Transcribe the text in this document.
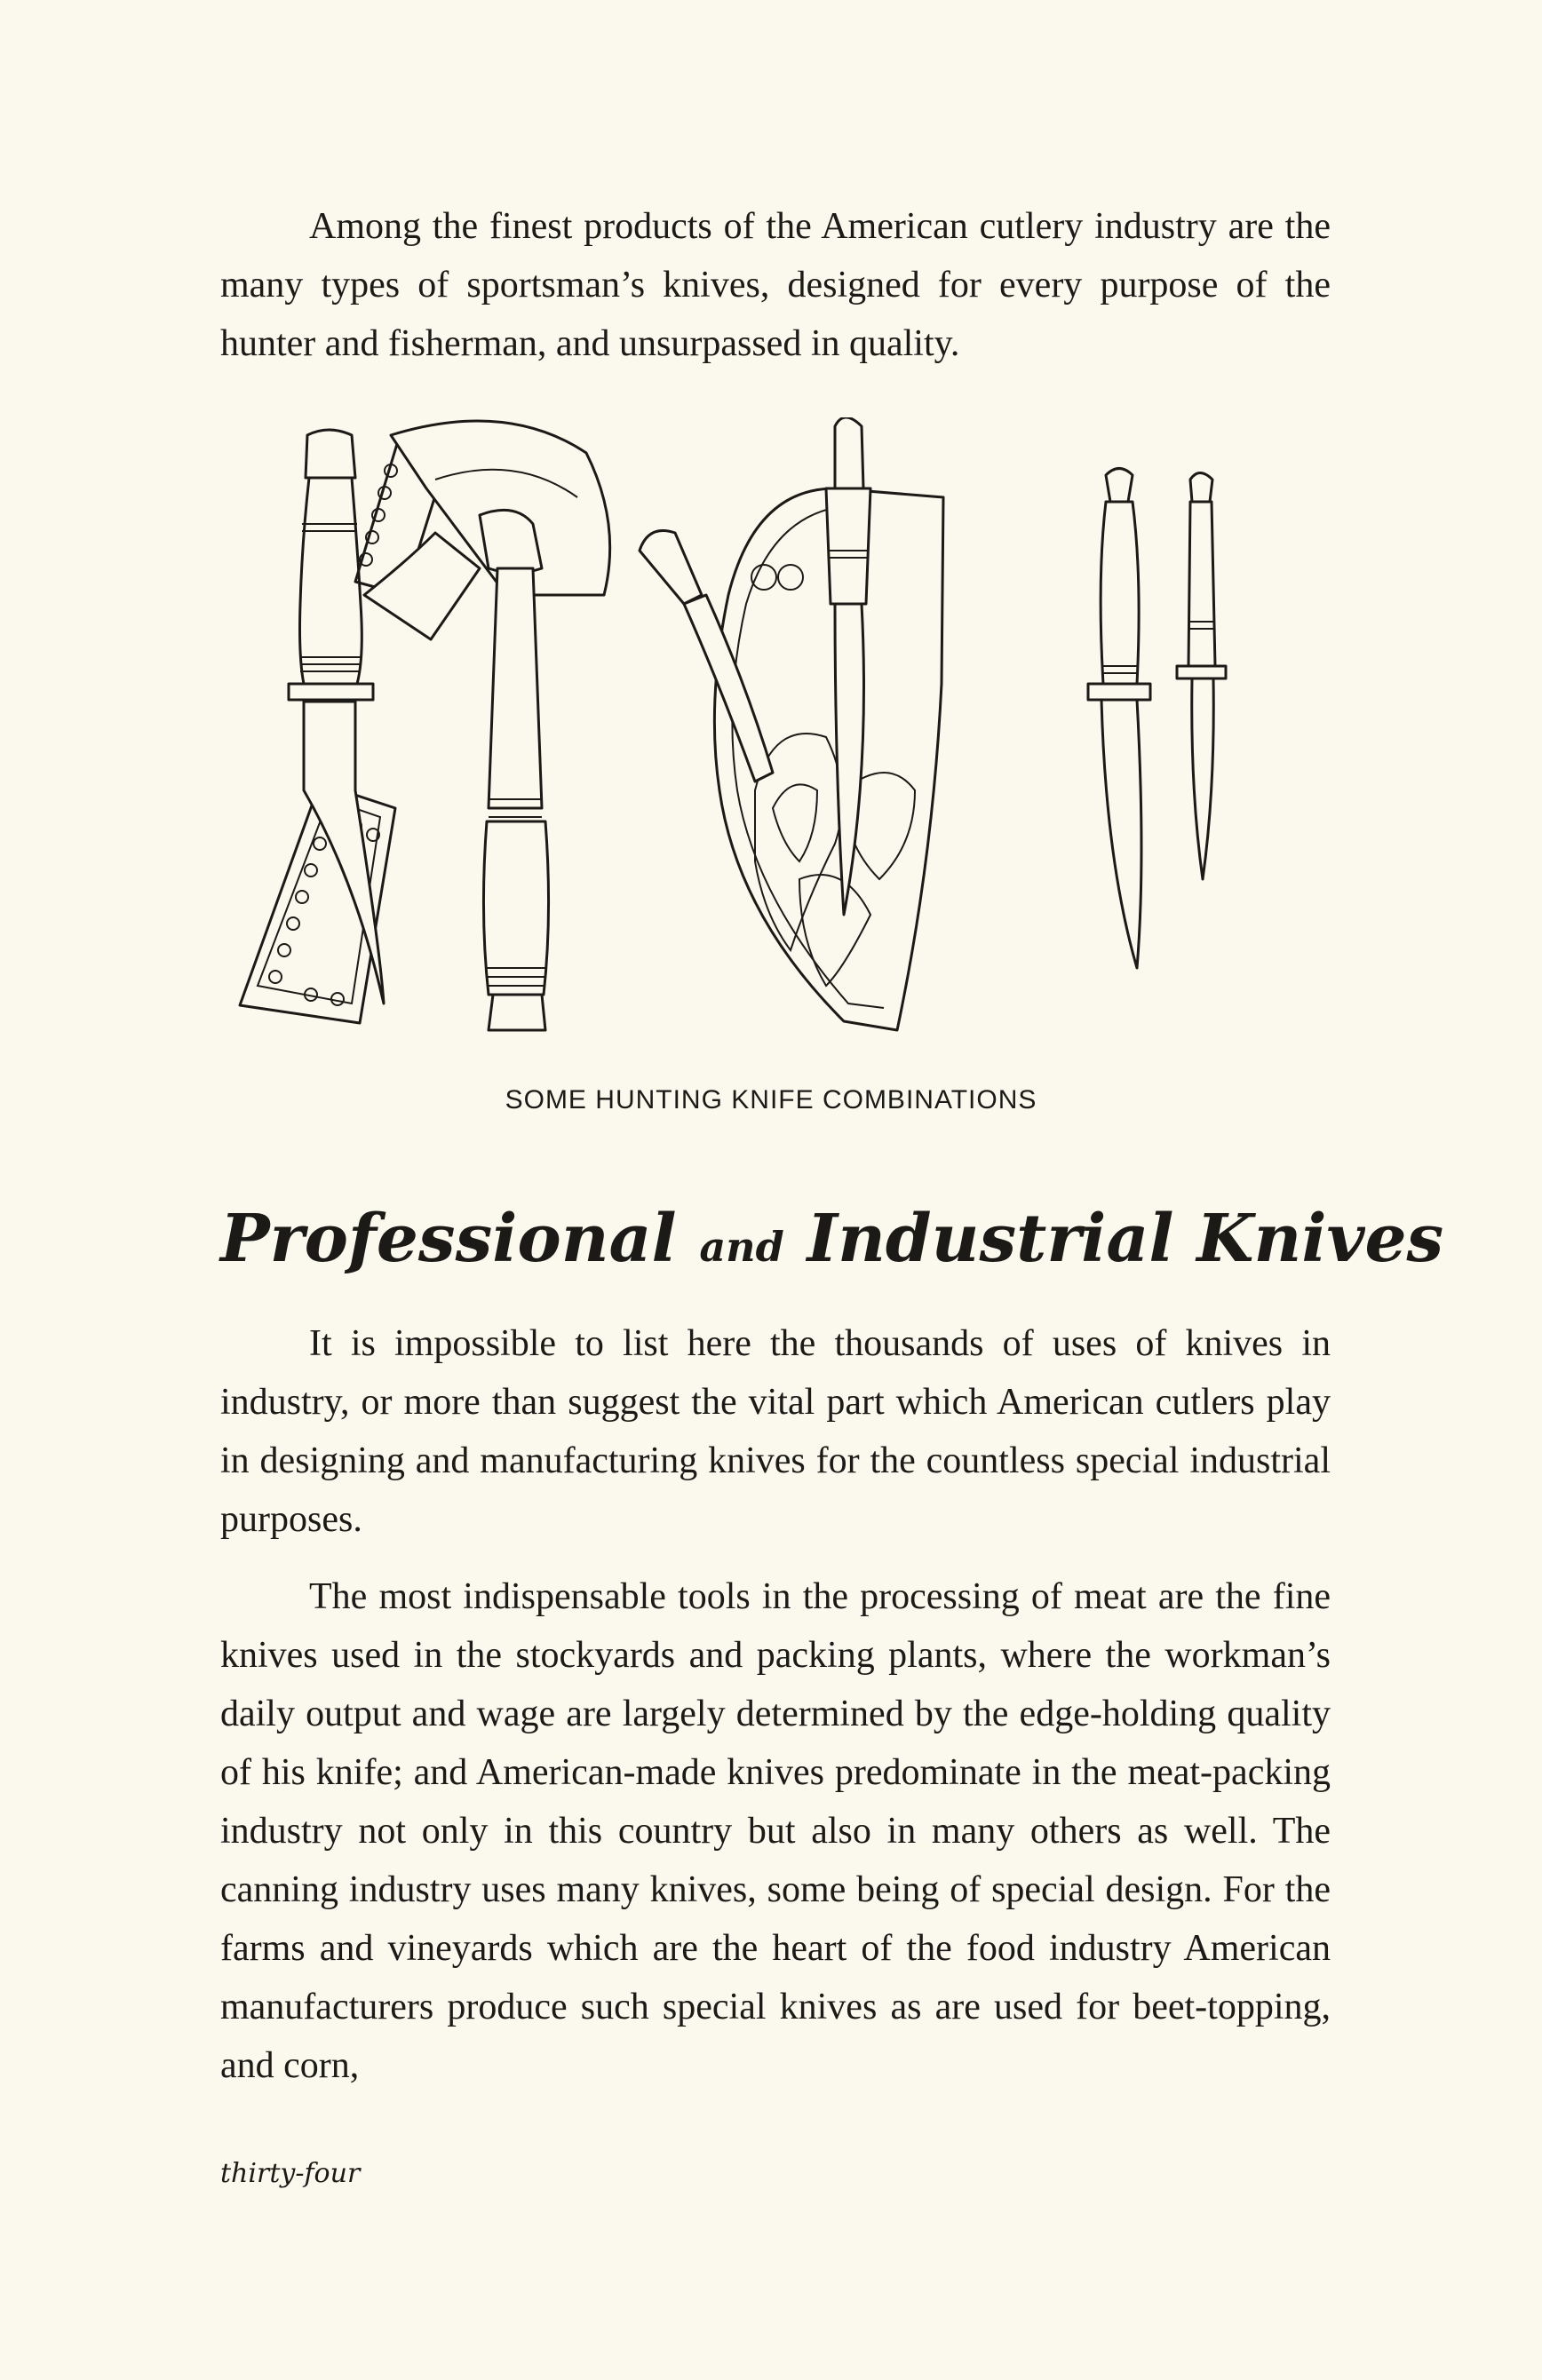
Among the finest products of the American cutlery industry are the many types of sportsman’s knives, designed for every purpose of the hunter and fisherman, and unsurpassed in quality.

SOME HUNTING KNIFE COMBINATIONS
Professional and Industrial Knives

It is impossible to list here the thousands of uses of knives in industry, or more than suggest the vital part which American cutlers play in designing and manufacturing knives for the countless special industrial purposes.

The most indispensable tools in the processing of meat are the fine knives used in the stockyards and packing plants, where the workman’s daily output and wage are largely determined by the edge-holding quality of his knife; and American-made knives predominate in the meat-packing industry not only in this country but also in many others as well. The canning industry uses many knives, some being of special design. For the farms and vineyards which are the heart of the food industry American manufacturers produce such special knives as are used for beet-topping, and corn,

thirty-four
